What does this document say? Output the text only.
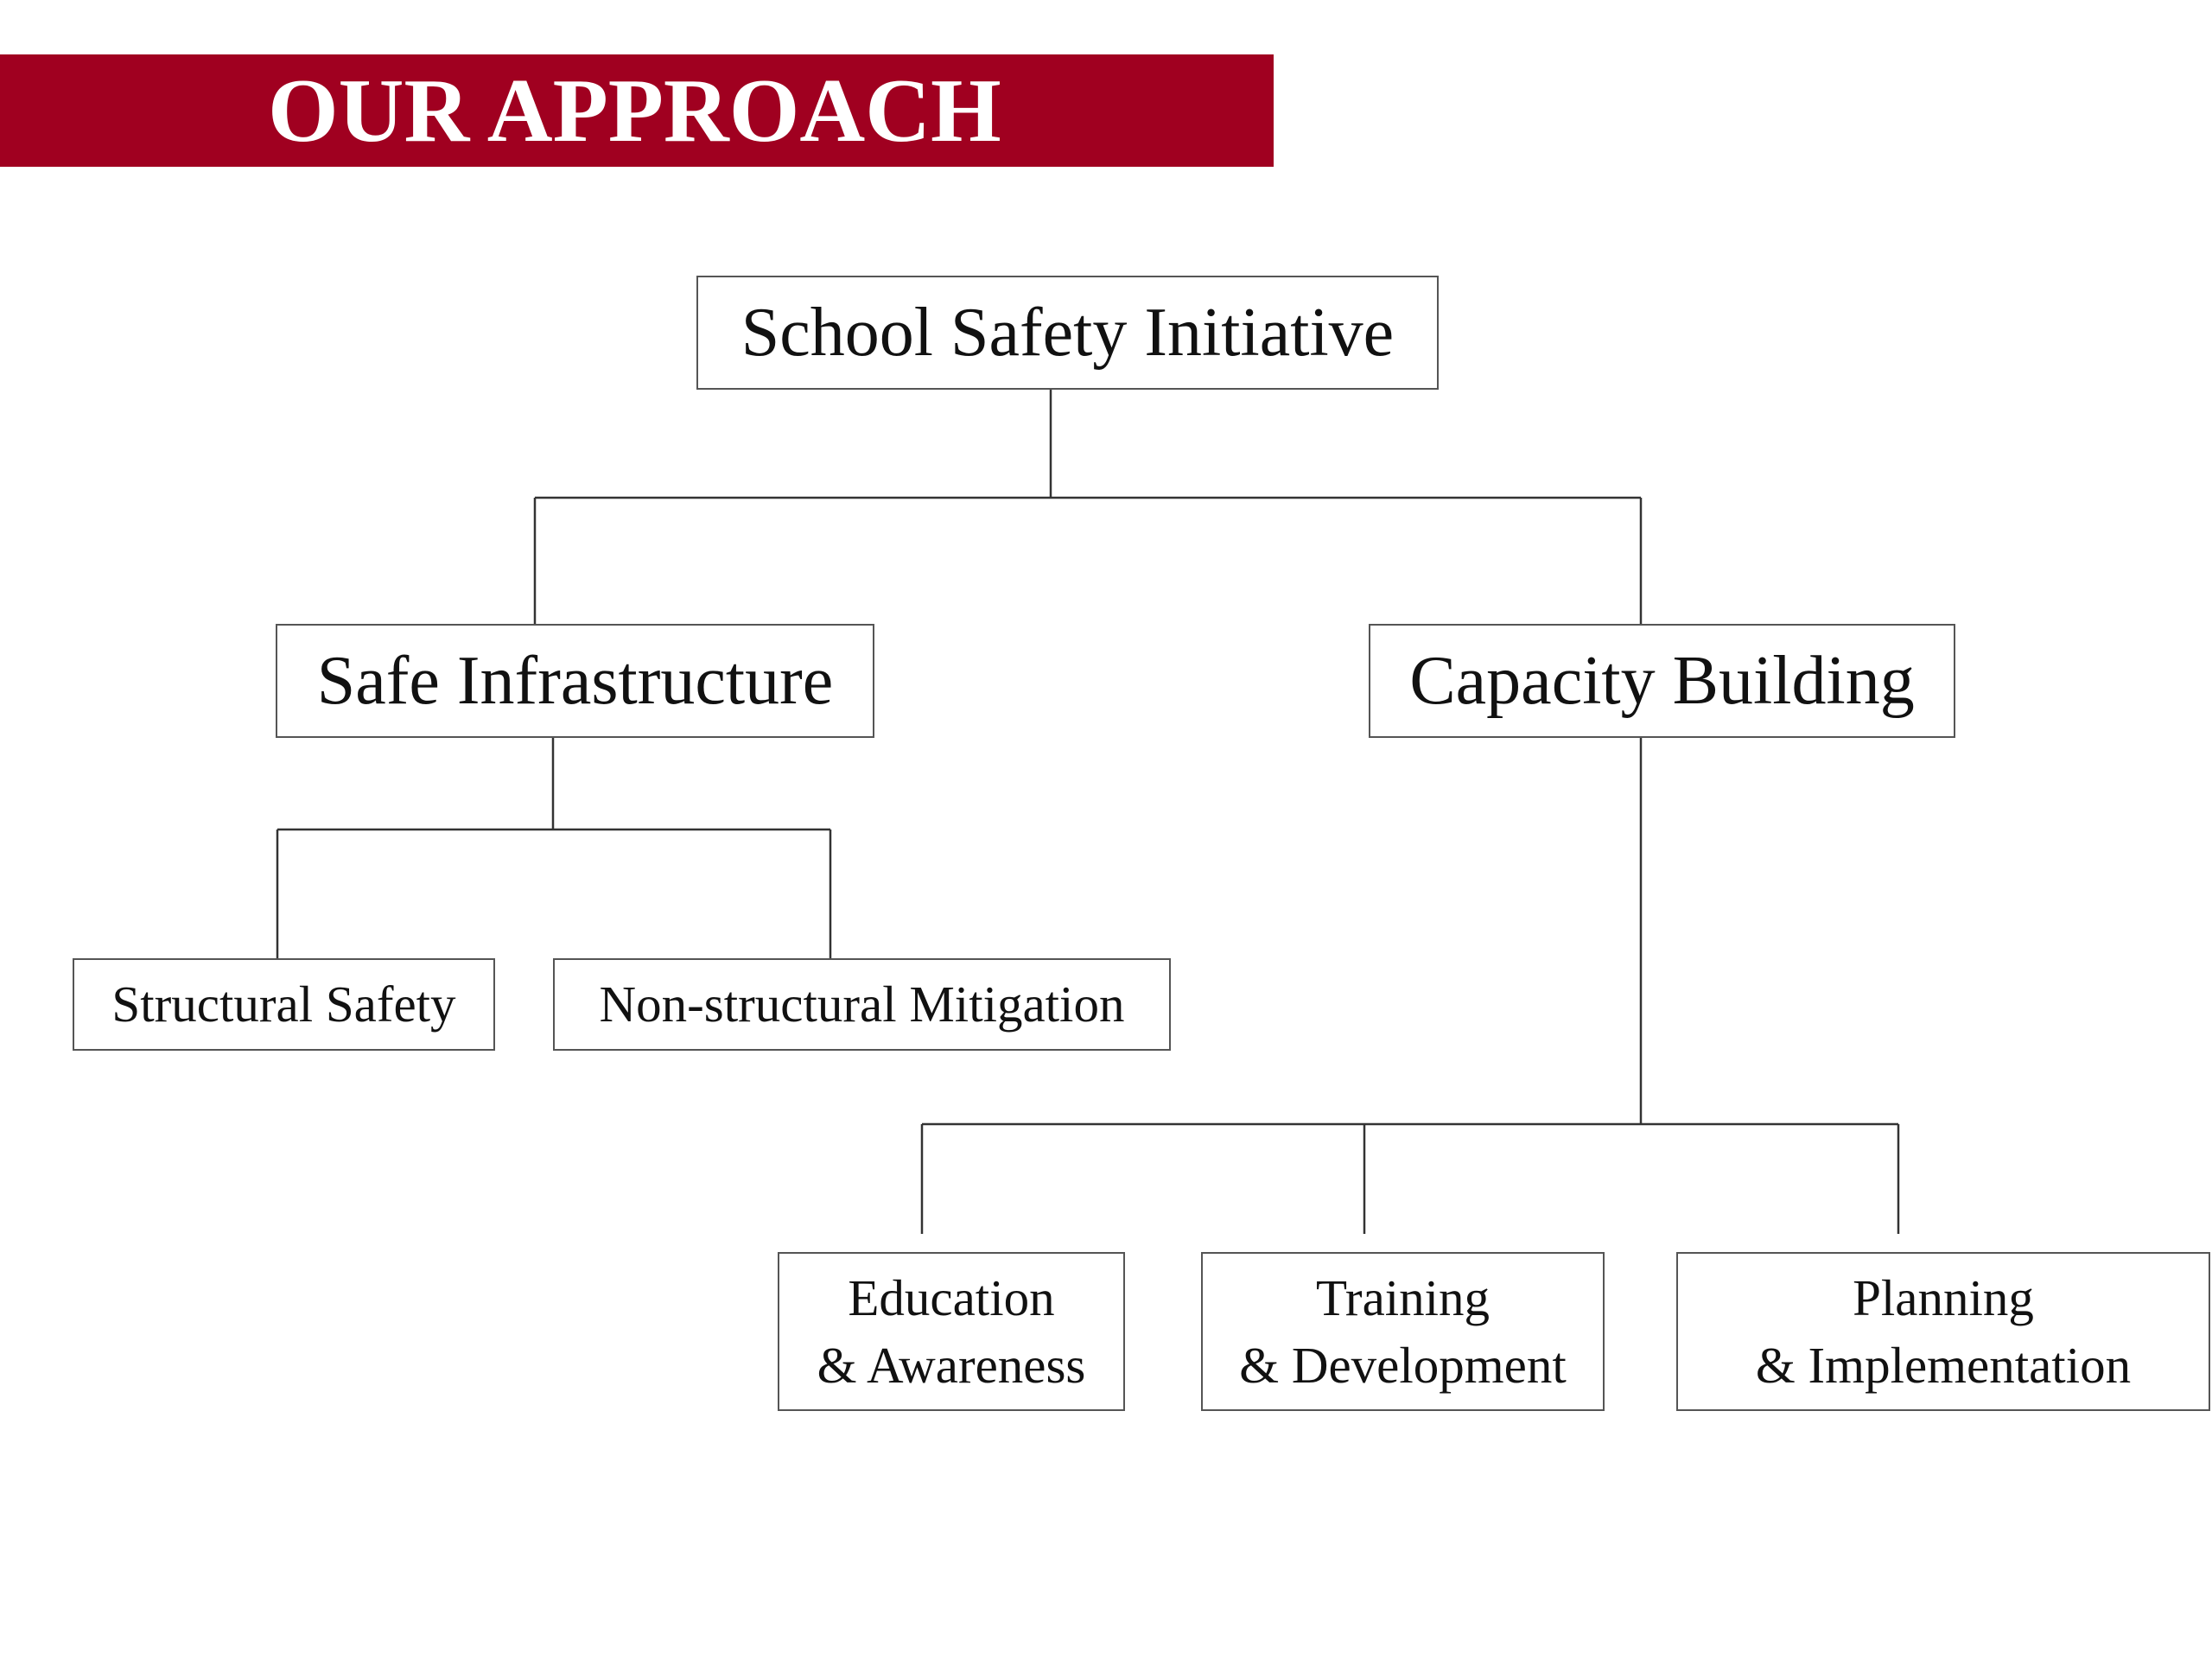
OUR APPROACH
School Safety Initiative
Safe Infrastructure	Capacity Building
Structural Safety	Non-structural Mitigation
Education
& Awareness
Training
& Development
Planning
& Implementation
